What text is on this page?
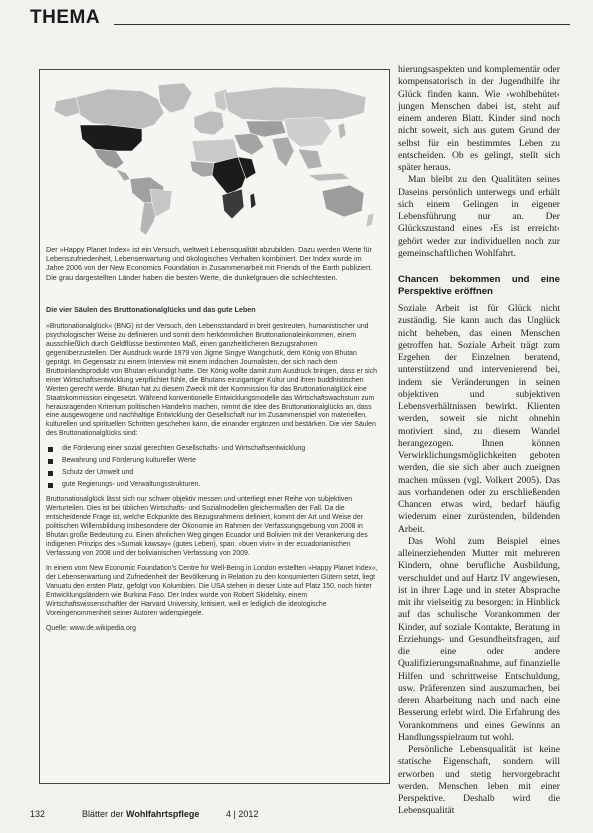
THEMA
Der »Happy Planet Index« ist ein Versuch, weltweit Lebensqualität abzubilden. Dazu werden Werte für Lebenszufriedenheit, Lebenserwartung und ökologisches Verhalten kombiniert. Der Index wurde im Jahre 2006 von der New Economics Foundation in Zusammenarbeit mit Friends of the Earth publiziert. Die grau dargestellten Länder haben die besten Werte, die dunkelgrauen die schlechtesten.

Die vier Säulen des Bruttonationalglücks und das gute Leben

»Bruttonationalglück« (BNG) ist der Versuch, den Lebensstandard in breit gestreuten, humanistischer und psychologischer Weise zu definieren und somit dem herkömmlichen Bruttonationaleinkommen, einem ausschließlich durch Geldflüsse bestimmten Maß, einen ganzheitlicheren Bezugsrahmen gegenüberzustellen. Der Ausdruck wurde 1979 von Jigme Singye Wangchuck, dem König von Bhutan geprägt. Im Gegensatz zu einem Interview mit einem indischen Journalisten, der sich nach dem Bruttoinlandsprodukt von Bhutan erkundigt hatte. Der König wollte damit zum Ausdruck bringen, dass er sich einer Wirtschaftsentwicklung verpflichtet fühle, die Bhutans einzigartiger Kultur und ihren buddhistischen Werten gerecht werde. Bhutan hat zu diesem Zweck mit der Kommission für das Bruttonationalglück eine Staatskommission eingesetzt. Während konventionelle Entwicklungsmodelle das Wirtschaftswachstum zum herausragenden Kriterium politischen Handelns machen, nimmt die Idee des Bruttonationalglücks an, dass eine ausgewogene und nachhaltige Entwicklung der Gesellschaft nur im Zusammenspiel von materiellen, kulturellen und spirituellen Schritten geschehen kann, die einander ergänzen und bestärken. Die vier Säulen des Bruttonationalglücks sind:

die Förderung einer sozial gerechten Gesellschafts- und Wirtschaftsentwicklung
Bewahrung und Förderung kultureller Werte
Schutz der Umwelt und
gute Regierungs- und Verwaltungsstrukturen.

Bruttonationalglück lässt sich nur schwer objektiv messen und unterliegt einer Reihe von subjektiven Werturteilen. Dies ist bei üblichen Wirtschafts- und Sozialmodellen gleichermaßen der Fall. Da die entscheidende Frage ist, welche Eckpunkte des Bezugsrahmens definiert, kommt der Art und Weise der politischen Willensbildung insbesondere der Ökonomie im Rahmen der Verfassungsgebung von 2008 in Bhutan große Bedeutung zu. Einen ähnlichen Weg gingen Ecuador und Bolivien mit der Verankerung des indigenen Prinzips des »Sumak kawsay« (gutes Leben), span. »buen vivir« in der ecuadorianischen Verfassung von 2008 und der bolivianischen Verfassung von 2009.

In einem vom New Economic Foundation's Centre for Well-Being in London erstellten »Happy Planet Index«, der Lebenserwartung und Zufriedenheit der Bevölkerung in Relation zu den konsumierten Gütern setzt, liegt Vanuatu den ersten Platz, gefolgt von Kolumbien. Die USA stehen in dieser Liste auf Platz 150, noch hinter Entwicklungsländern wie Burkina Faso. Der Index wurde von Robert Skidelsky, einem Wirtschaftswissenschaftler der Harvard University, kritisiert, weil er lediglich die ideologische Voreingenommenheit seiner Autoren widerspiegele.

Quelle: www.de.wikipedia.org

hierungsaspekten und komplementär oder kompensatorisch in der Jugendhilfe ihr Glück finden kann. Wie ›wohlbehütet‹ jungen Menschen dabei ist, steht auf einem anderen Blatt. Kinder sind noch nicht soweit, sich aus gutem Grund der selbst für ein bestimmtes Leben zu entscheiden. Ob es gelingt, stellt sich später heraus.

Man bleibt zu den Qualitäten seines Daseins persönlich unterwegs und erhält sich einem Gelingen in eigener Lebensführung nur an. Der Glückszustand eines ›Es ist erreicht‹ gehört weder zur individuellen noch zur gemeinschaftlichen Wohlfahrt.

Chancen bekommen und eine Perspektive eröffnen

Soziale Arbeit ist für Glück nicht zuständig. Sie kann auch das Unglück nicht beheben, das einen Menschen getroffen hat. Soziale Arbeit trägt zum Ergehen der Einzelnen beratend, unterstützend und intervenierend bei, indem sie Veränderungen in seinen objektiven und subjektiven Lebensverhältnissen bewirkt. Klienten werden, soweit sie nicht ohnehin motiviert sind, zu diesem Wandel herangezogen. Ihnen können Verwirklichungsmöglichkeiten geboten werden, die sie sich aber auch zueignen machen müssen (vgl. Volkert 2005). Das aus vorhandenen oder zu erschließenden Chancen etwas wird, bedarf häufig wiederum einer zurüstenden, bildenden Arbeit.

Das Wohl zum Beispiel eines alleinerziehenden Mutter mit mehreren Kindern, ohne berufliche Ausbildung, verschuldet und auf Hartz IV angewiesen, ist in ihrer Lage und in steter Absprache mit ihr vielseitig zu besorgen: in Hinblick auf das schulische Vorankommen der Kinder, auf soziale Kontakte, Beratung in Erziehungs- und Gesundheitsfragen, auf die eine oder andere Qualifizierungsmaßnahme, auf finanzielle Hilfen und schrittweise Entschuldung, usw. Präferenzen sind auszumachen, bei deren Abarbeitung nach und nach eine Besserung erlebt wird. Die Erfahrung des Vorankommens und eines Gewinns an Handlungsspielraum tut wohl.

Persönliche Lebensqualität ist keine statische Eigenschaft, sondern will erworben und stetig hervorgebracht werden. Menschen leben mit einer Perspektive. Deshalb wird die Lebensqualität

132	Blätter der Wohlfahrtspflege	4 | 2012
